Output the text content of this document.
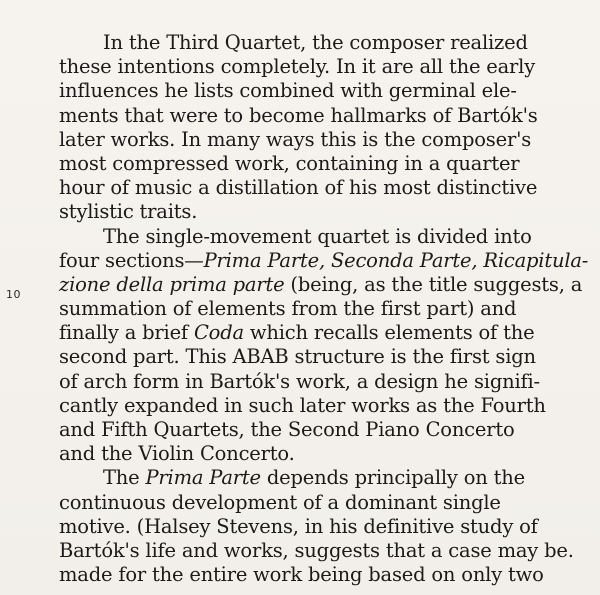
10
In the Third Quartet, the composer realized
these intentions completely. In it are all the early
influences he lists combined with germinal ele-
ments that were to become hallmarks of Bartók's
later works. In many ways this is the composer's
most compressed work, containing in a quarter
hour of music a distillation of his most distinctive
stylistic traits.
The single-movement quartet is divided into
four sections—Prima Parte, Seconda Parte, Ricapitula-
zione della prima parte (being, as the title suggests, a
summation of elements from the first part) and
finally a brief Coda which recalls elements of the
second part. This ABAB structure is the first sign
of arch form in Bartók's work, a design he signifi-
cantly expanded in such later works as the Fourth
and Fifth Quartets, the Second Piano Concerto
and the Violin Concerto.
The Prima Parte depends principally on the
continuous development of a dominant single
motive. (Halsey Stevens, in his definitive study of
Bartók's life and works, suggests that a case may be.
made for the entire work being based on only two
